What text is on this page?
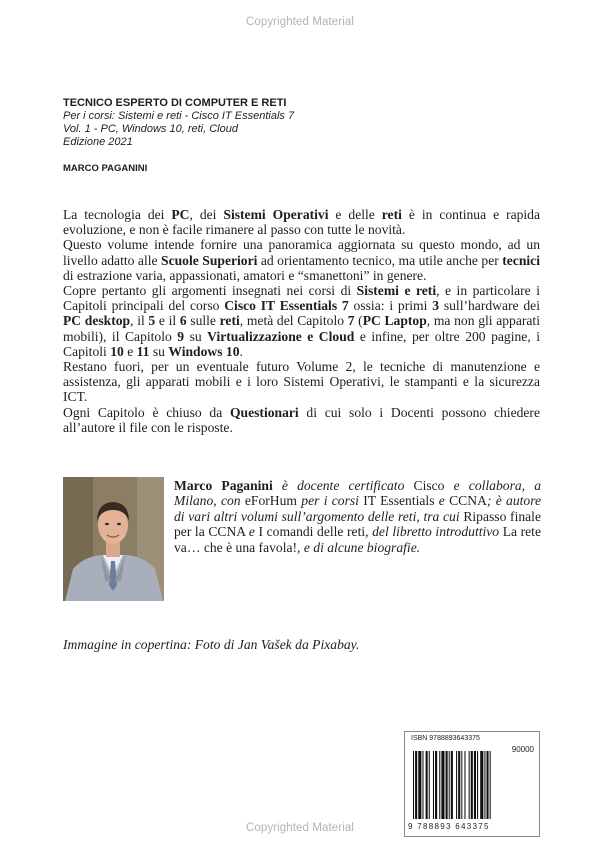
Copyrighted Material
TECNICO ESPERTO DI COMPUTER E RETI
Per i corsi: Sistemi e reti - Cisco IT Essentials 7
Vol. 1 - PC, Windows 10, reti, Cloud
Edizione 2021
MARCO PAGANINI

La tecnologia dei PC, dei Sistemi Operativi e delle reti è in continua e rapida evoluzione, e non è facile rimanere al passo con tutte le novità.

Questo volume intende fornire una panoramica aggiornata su questo mondo, ad un livello adatto alle Scuole Superiori ad orientamento tecnico, ma utile anche per tecnici di estrazione varia, appassionati, amatori e “smanettoni” in genere.

Copre pertanto gli argomenti insegnati nei corsi di Sistemi e reti, e in particolare i Capitoli principali del corso Cisco IT Essentials 7 ossia: i primi 3 sull’hardware dei PC desktop, il 5 e il 6 sulle reti, metà del Capitolo 7 (PC Laptop, ma non gli apparati mobili), il Capitolo 9 su Virtualizzazione e Cloud e infine, per oltre 200 pagine, i Capitoli 10 e 11 su Windows 10.

Restano fuori, per un eventuale futuro Volume 2, le tecniche di manutenzione e assistenza, gli apparati mobili e i loro Sistemi Operativi, le stampanti e la sicurezza ICT.

Ogni Capitolo è chiuso da Questionari di cui solo i Docenti possono chiedere all’autore il file con le risposte.

Marco Paganini è docente certificato Cisco e collabora, a Milano, con eForHum per i corsi IT Essentials e CCNA; è autore di vari altri volumi sull’argomento delle reti, tra cui Ripasso finale per la CCNA e I comandi delle reti, del libretto introduttivo La rete va… che è una favola!, e di alcune biografie.
Immagine in copertina: Foto di Jan Vašek da Pixabay.
ISBN 9788893643375
90000
9 788893 643375
Copyrighted Material
